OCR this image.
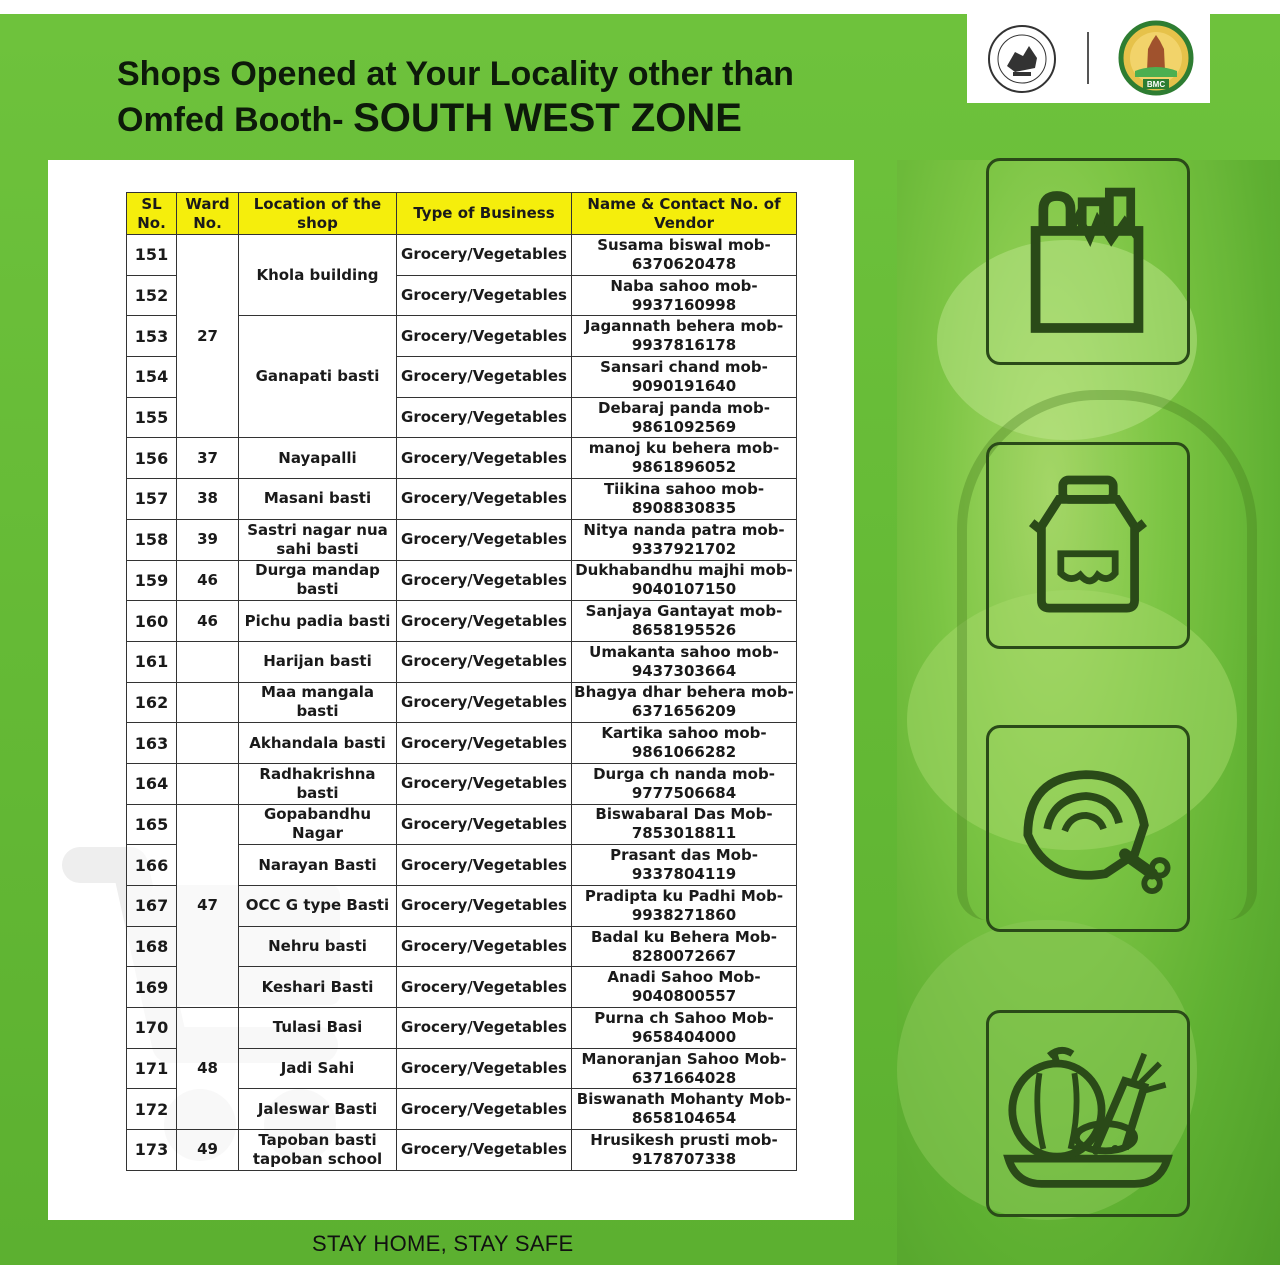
Shops Opened at Your Locality other than
Omfed Booth- SOUTH WEST ZONE
BMC
SL No.	Ward No.	Location of the shop	Type of Business	Name & Contact No. of Vendor
151	27	Khola building	Grocery/Vegetables	Susama biswal mob-6370620478
152			Grocery/Vegetables	Naba sahoo mob-9937160998
153		Ganapati basti	Grocery/Vegetables	Jagannath behera mob-9937816178
154			Grocery/Vegetables	Sansari chand mob-9090191640
155			Grocery/Vegetables	Debaraj panda mob-9861092569
156	37	Nayapalli	Grocery/Vegetables	manoj ku behera mob-9861896052
157	38	Masani basti	Grocery/Vegetables	Tiikina sahoo mob-8908830835
158	39	Sastri nagar nua sahi basti	Grocery/Vegetables	Nitya nanda patra mob-9337921702
159	46	Durga mandap basti	Grocery/Vegetables	Dukhabandhu majhi mob-9040107150
160	46	Pichu padia basti	Grocery/Vegetables	Sanjaya Gantayat mob-8658195526
161		Harijan basti	Grocery/Vegetables	Umakanta sahoo mob-9437303664
162		Maa mangala basti	Grocery/Vegetables	Bhagya dhar behera mob-6371656209
163		Akhandala basti	Grocery/Vegetables	Kartika sahoo mob-9861066282
164		Radhakrishna basti	Grocery/Vegetables	Durga ch nanda mob-9777506684
165	47	Gopabandhu Nagar	Grocery/Vegetables	Biswabaral Das Mob-7853018811
166		Narayan Basti	Grocery/Vegetables	Prasant das Mob-9337804119
167		OCC G type Basti	Grocery/Vegetables	Pradipta ku Padhi Mob-9938271860
168		Nehru basti	Grocery/Vegetables	Badal ku Behera Mob-8280072667
169		Keshari Basti	Grocery/Vegetables	Anadi Sahoo Mob-9040800557
170	48	Tulasi Basi	Grocery/Vegetables	Purna ch Sahoo Mob-9658404000
171		Jadi Sahi	Grocery/Vegetables	Manoranjan Sahoo Mob-6371664028
172		Jaleswar Basti	Grocery/Vegetables	Biswanath Mohanty Mob-8658104654
173	49	Tapoban basti tapoban school	Grocery/Vegetables	Hrusikesh prusti mob-9178707338
STAY HOME, STAY SAFE
